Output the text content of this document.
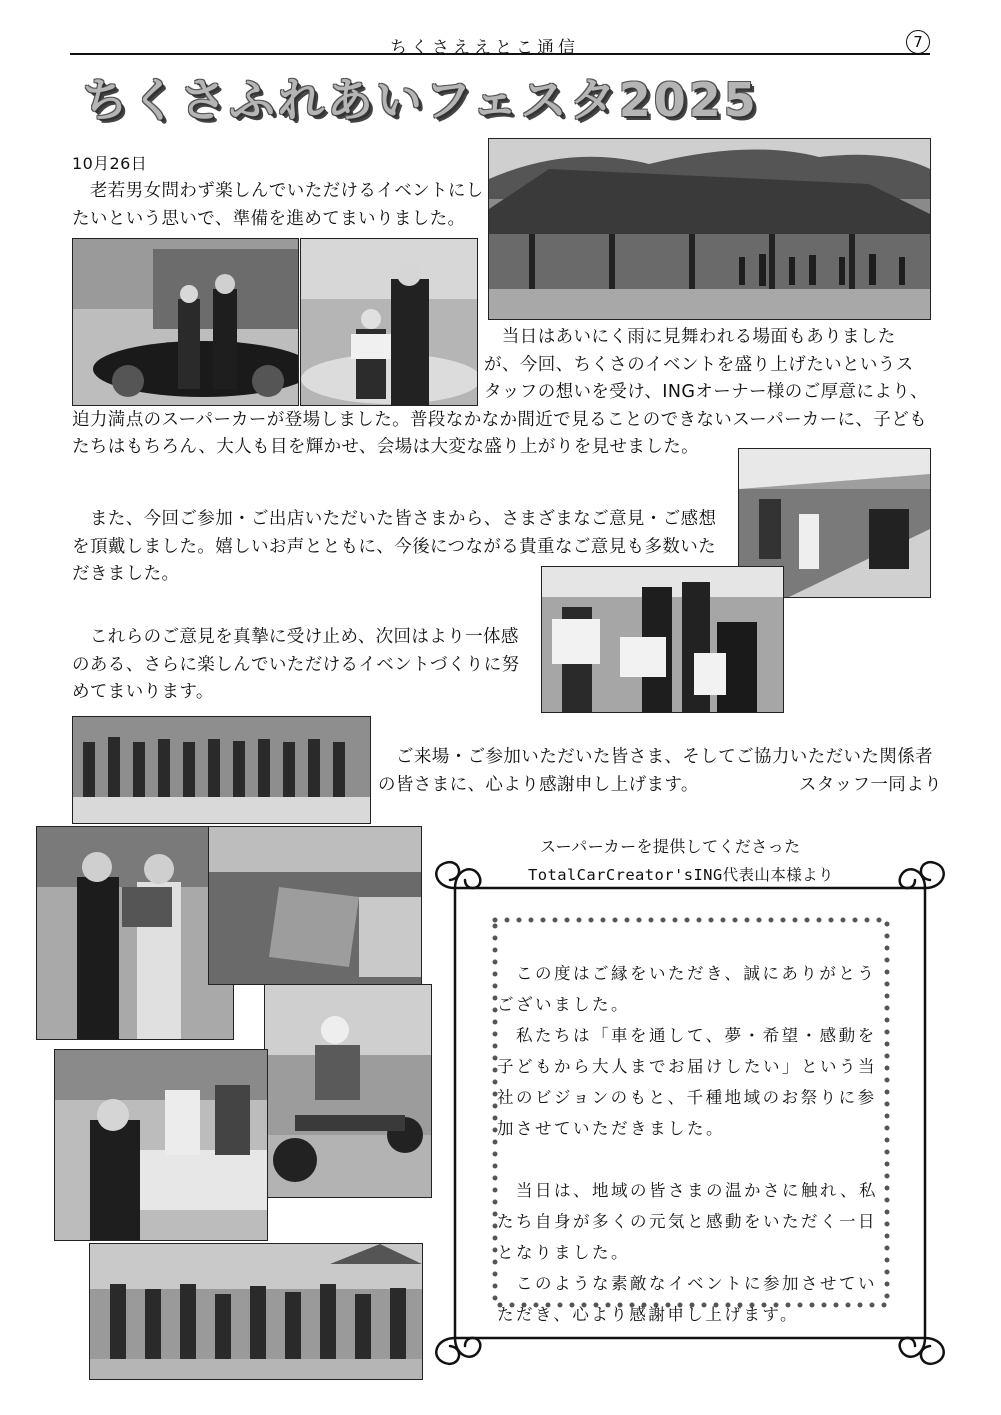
ちくさええとこ通信	7
ちくさふれあいフェスタ2025
10月26日
　老若男女問わず楽しんでいただけるイベントにし
たいという思いで、準備を進めてまいりました。
　当日はあいにく雨に見舞われる場面もありました
が、今回、ちくさのイベントを盛り上げたいというス
タッフの想いを受け、INGオーナー様のご厚意により、
迫力満点のスーパーカーが登場しました。普段なかなか間近で見ることのできないスーパーカーに、子ども
たちはもちろん、大人も目を輝かせ、会場は大変な盛り上がりを見せました。
　また、今回ご参加・ご出店いただいた皆さまから、さまざまなご意見・ご感想
を頂戴しました。嬉しいお声とともに、今後につながる貴重なご意見も多数いた
だきました。
　これらのご意見を真摯に受け止め、次回はより一体感
のある、さらに楽しんでいただけるイベントづくりに努
めてまいります。
ご来場・ご参加いただいた皆さま、そしてご協力いただいた関係者
の皆さまに、心より感謝申し上げます。	スタッフ一同より
スーパーカーを提供してくださった
TotalCarCreator'sING代表山本様より
　この度はご縁をいただき、誠にありがとう
ございました。
　私たちは「車を通して、夢・希望・感動を
子どもから大人までお届けしたい」という当
社のビジョンのもと、千種地域のお祭りに参
加させていただきました。
　当日は、地域の皆さまの温かさに触れ、私
たち自身が多くの元気と感動をいただく一日
となりました。
　このような素敵なイベントに参加させてい
ただき、心より感謝申し上げます。
